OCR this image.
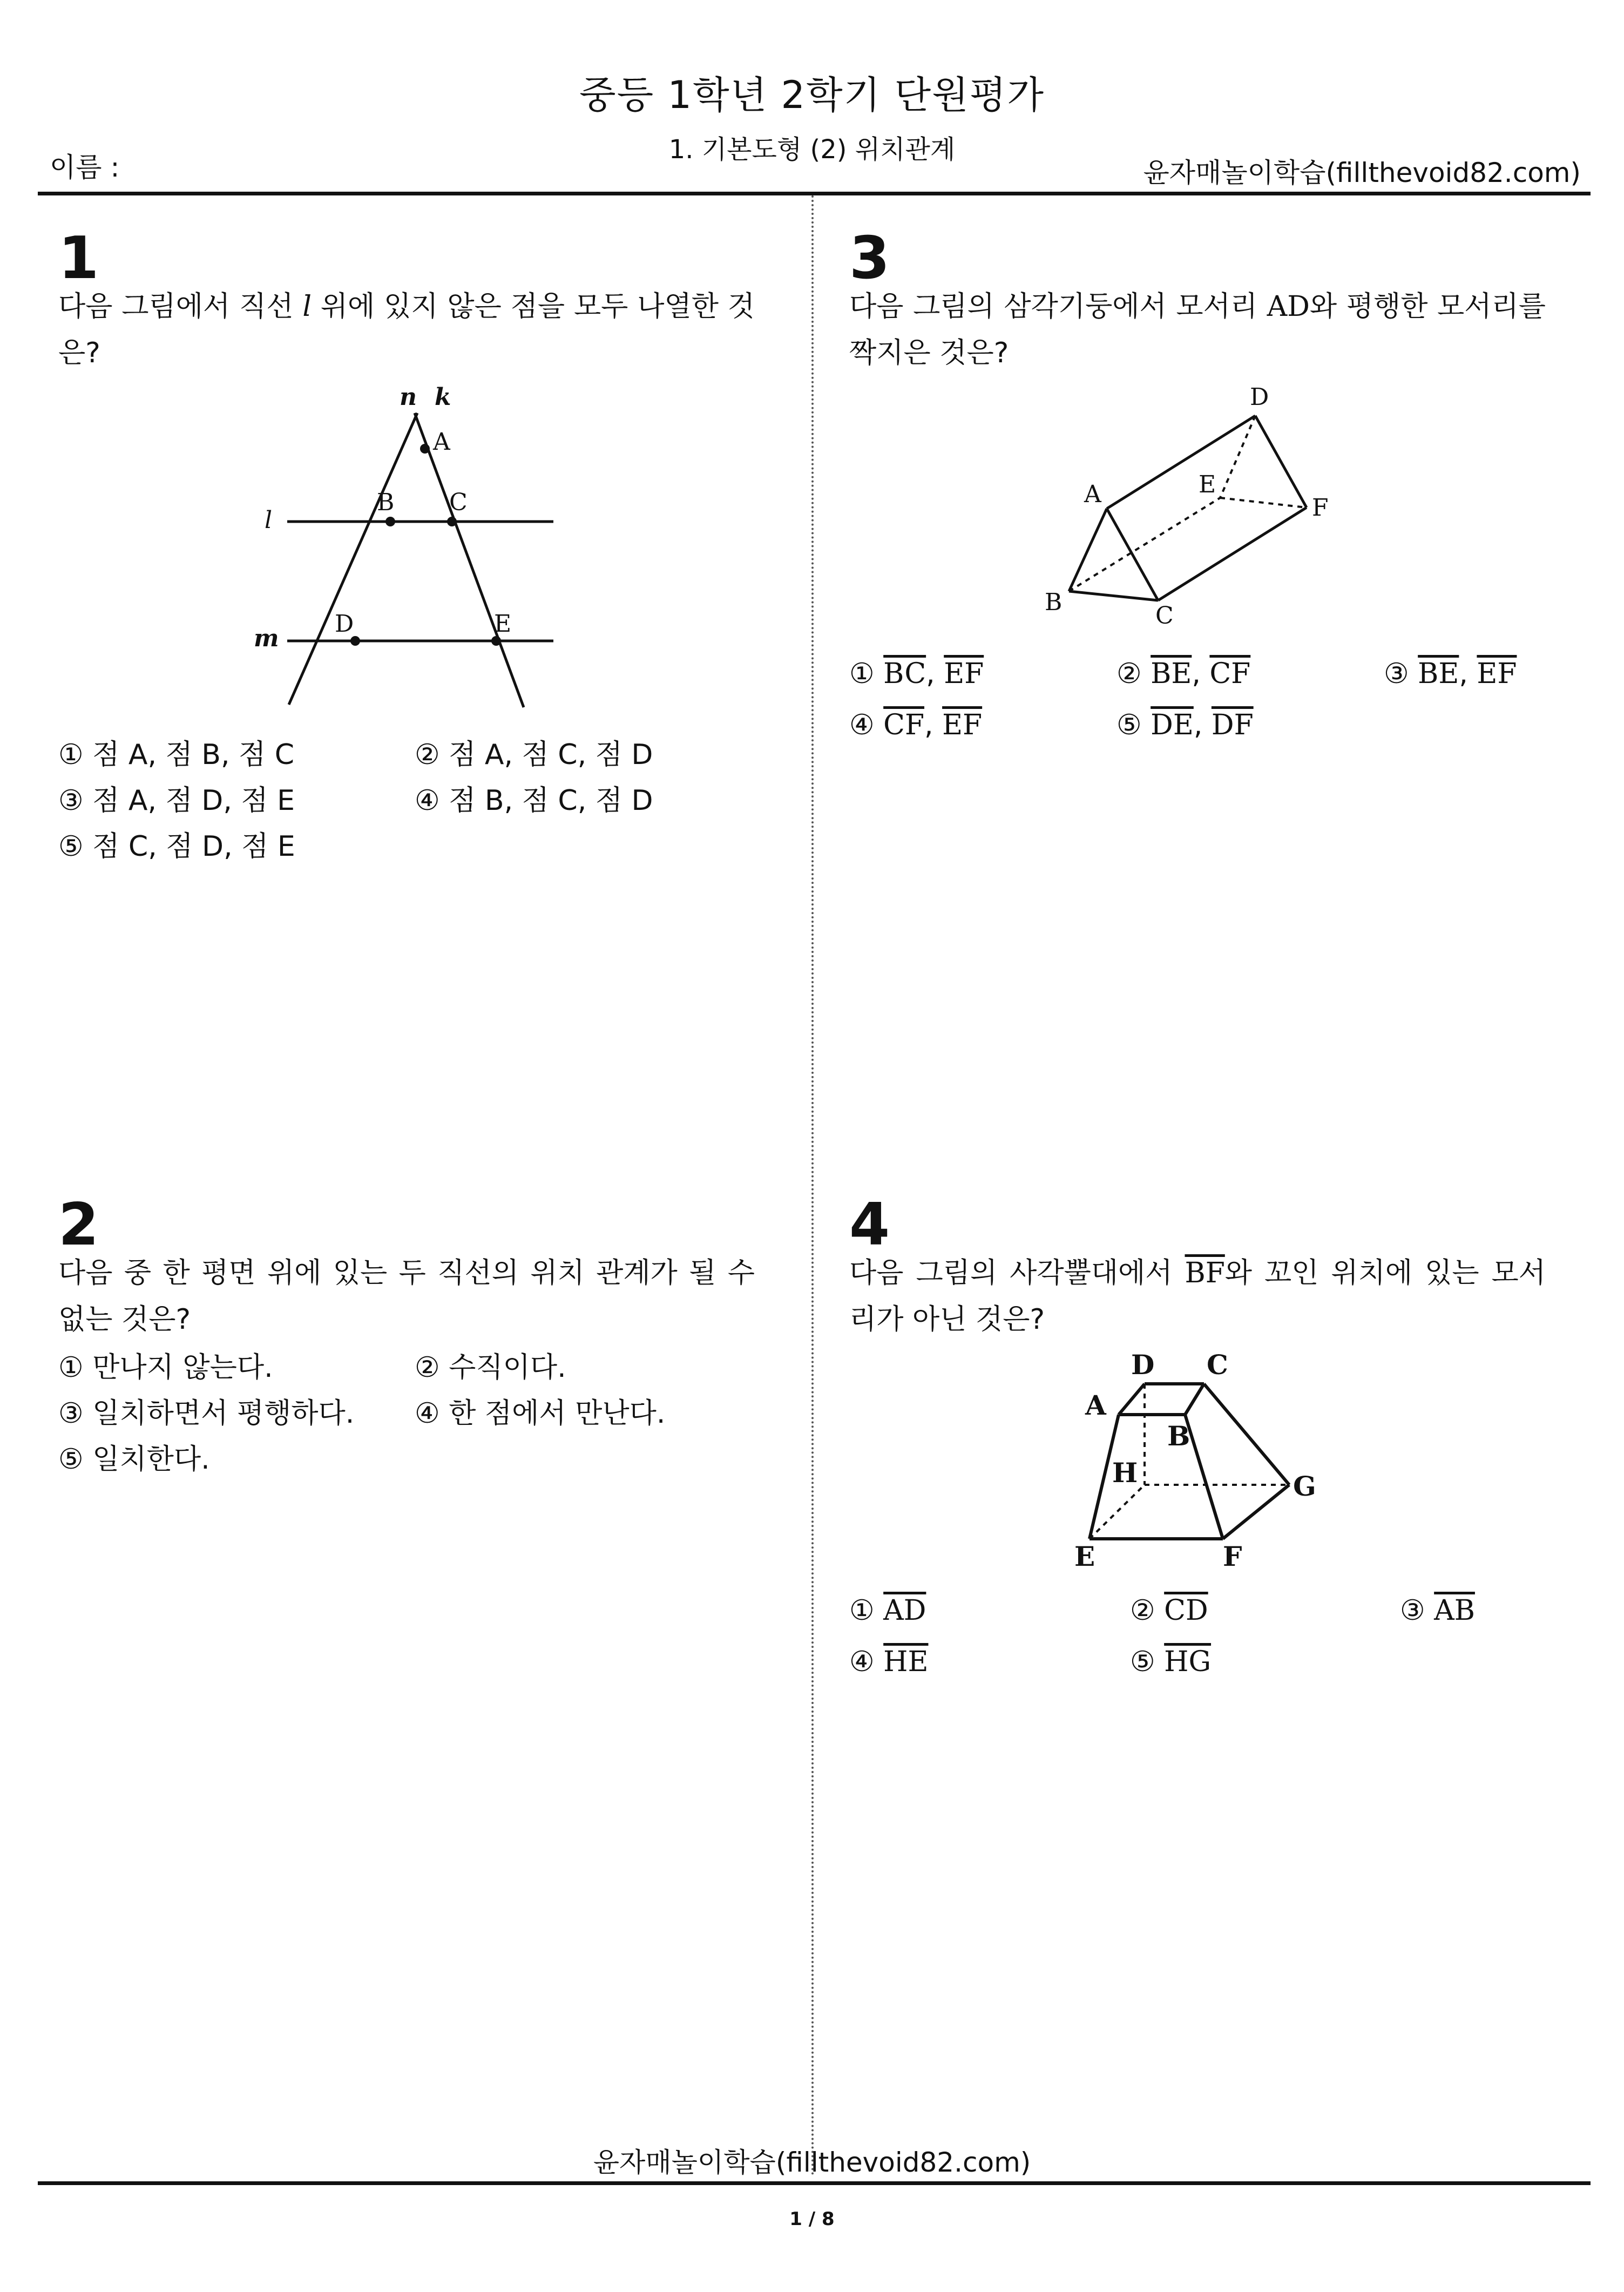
중등 1학년 2학기 단원평가
1. 기본도형 (2) 위치관계
이름 :	윤자매놀이학습(fillthevoid82.com)
1
다음 그림에서 직선 l 위에 있지 않은 점을 모두 나열한 것은?
n k
A
B C
l
D	E
m
① 점 A, 점 B, 점 C	② 점 A, 점 C, 점 D
③ 점 A, 점 D, 점 E	④ 점 B, 점 C, 점 D
⑤ 점 C, 점 D, 점 E
2
다음 중 한 평면 위에 있는 두 직선의 위치 관계가 될 수 없는 것은?
① 만나지 않는다.	② 수직이다.
③ 일치하면서 평행하다. ④ 한 점에서 만난다.
⑤ 일치한다.
3
다음 그림의 삼각기둥에서 모서리 AD와 평행한 모서리를 짝지은 것은?
D
A	E
F
B	C
① $\overline{BC}$, $\overline{EF}$	② $\overline{BE}$, $\overline{CF}$	③ $\overline{BE}$, $\overline{EF}$
④ $\overline{CF}$, $\overline{EF}$	⑤ $\overline{DE}$, $\overline{DF}$
4
다음 그림의 사각뿔대에서 $\overline{BF}$와 꼬인 위치에 있는 모서리가 아닌 것은?
D C
A
B
H	G
E	F
① $\overline{AD}$	② $\overline{CD}$	③ $\overline{AB}$
④ $\overline{HE}$	⑤ $\overline{HG}$
윤자매놀이학습(fillthevoid82.com)
1 / 8
